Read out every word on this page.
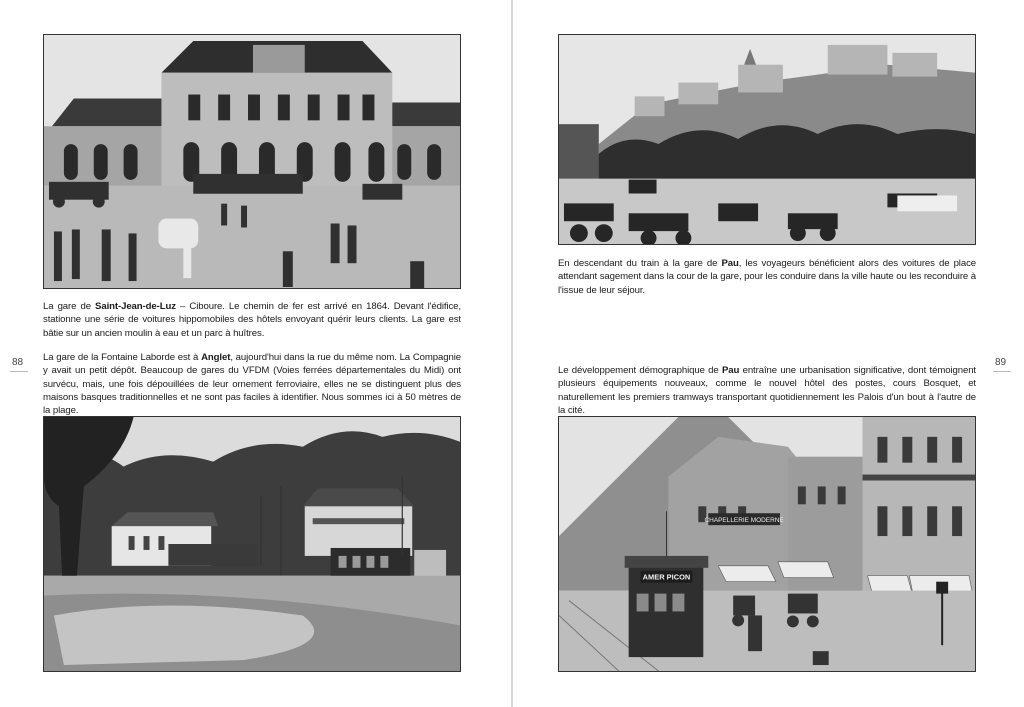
La gare de Saint-Jean-de-Luz – Ciboure. Le chemin de fer est arrivé en 1864. Devant l'édifice, stationne une série de voitures hippomobiles des hôtels envoyant quérir leurs clients. La gare est bâtie sur un ancien moulin à eau et un parc à huîtres.
88 La gare de la Fontaine Laborde est à Anglet, aujourd'hui dans la rue du même nom. La Compagnie y avait un petit dépôt. Beaucoup de gares du VFDM (Voies ferrées départementales du Midi) ont survécu, mais, une fois dépouillées de leur ornement ferroviaire, elles ne se distinguent plus des maisons basques traditionnelles et ne sont pas faciles à identifier. Nous sommes ici à 50 mètres de la plage.
En descendant du train à la gare de Pau, les voyageurs bénéficient alors des voitures de place attendant sagement dans la cour de la gare, pour les conduire dans la ville haute ou les reconduire à l'issue de leur séjour.
89
Le développement démographique de Pau entraîne une urbanisation significative, dont témoignent plusieurs équipements nouveaux, comme le nouvel hôtel des postes, cours Bosquet, et naturellement les premiers tramways transportant quotidiennement les Palois d'un bout à l'autre de la cité.
CHAPELLERIE MODERNE
AMER PICON
